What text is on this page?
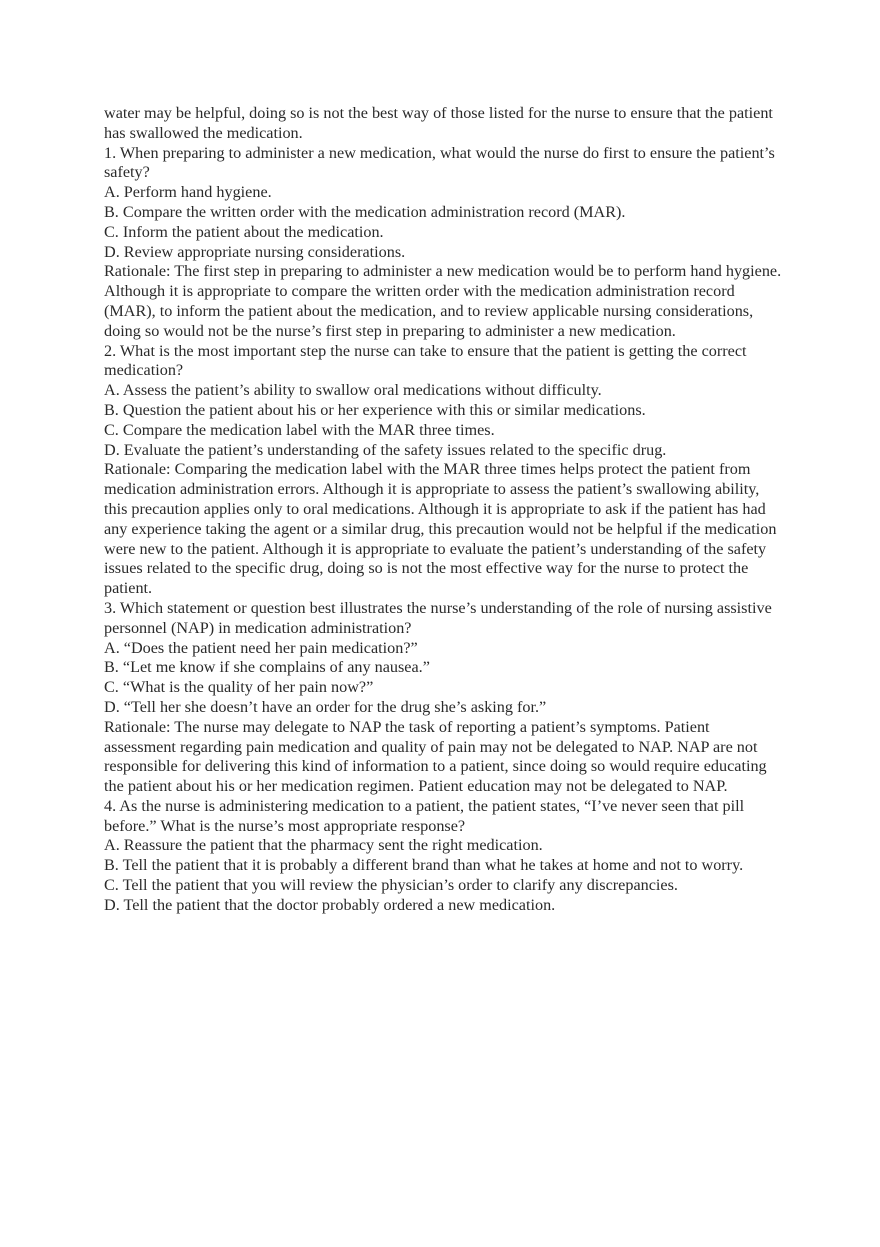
water may be helpful, doing so is not the best way of those listed for the nurse to ensure that the patient has swallowed the medication.

1. When preparing to administer a new medication, what would the nurse do first to ensure the patient’s safety?

A. Perform hand hygiene.

B. Compare the written order with the medication administration record (MAR).

C. Inform the patient about the medication.

D. Review appropriate nursing considerations.

Rationale: The first step in preparing to administer a new medication would be to perform hand hygiene. Although it is appropriate to compare the written order with the medication administration record (MAR), to inform the patient about the medication, and to review applicable nursing considerations, doing so would not be the nurse’s first step in preparing to administer a new medication.

2. What is the most important step the nurse can take to ensure that the patient is getting the correct medication?

A. Assess the patient’s ability to swallow oral medications without difficulty.

B. Question the patient about his or her experience with this or similar medications.

C. Compare the medication label with the MAR three times.

D. Evaluate the patient’s understanding of the safety issues related to the specific drug.

Rationale: Comparing the medication label with the MAR three times helps protect the patient from medication administration errors. Although it is appropriate to assess the patient’s swallowing ability, this precaution applies only to oral medications. Although it is appropriate to ask if the patient has had any experience taking the agent or a similar drug, this precaution would not be helpful if the medication were new to the patient. Although it is appropriate to evaluate the patient’s understanding of the safety issues related to the specific drug, doing so is not the most effective way for the nurse to protect the patient.

3. Which statement or question best illustrates the nurse’s understanding of the role of nursing assistive personnel (NAP) in medication administration?

A. “Does the patient need her pain medication?”

B. “Let me know if she complains of any nausea.”

C. “What is the quality of her pain now?”

D. “Tell her she doesn’t have an order for the drug she’s asking for.”

Rationale: The nurse may delegate to NAP the task of reporting a patient’s symptoms. Patient assessment regarding pain medication and quality of pain may not be delegated to NAP. NAP are not responsible for delivering this kind of information to a patient, since doing so would require educating the patient about his or her medication regimen. Patient education may not be delegated to NAP.

4. As the nurse is administering medication to a patient, the patient states, “I’ve never seen that pill before.” What is the nurse’s most appropriate response?

A. Reassure the patient that the pharmacy sent the right medication.

B. Tell the patient that it is probably a different brand than what he takes at home and not to worry.

C. Tell the patient that you will review the physician’s order to clarify any discrepancies.

D. Tell the patient that the doctor probably ordered a new medication.
